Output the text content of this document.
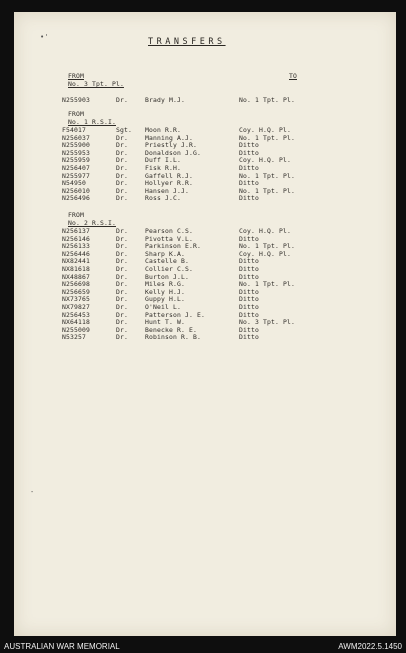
•'
-
TRANSFERS
FROM	TO
No. 3 Tpt. Pl.
N255903	Dr.	Brady M.J.	No. 1 Tpt. Pl.
FROM
No. 1 R.S.I.
F54017	Sgt. Moon R.R.	Coy. H.Q. Pl.
N256037	Dr.	Manning A.J.	No. 1 Tpt. Pl.
N255900	Dr.	Priestly J.R.	Ditto
N255953	Dr.	Donaldson J.G.	Ditto
N255959	Dr.	Duff I.L.	Coy. H.Q. Pl.
N256407	Dr.	Fisk R.H.	Ditto
N255977	Dr.	Gaffell R.J.	No. 1 Tpt. Pl.
N54950	Dr.	Hollyer R.R.	Ditto
N256010	Dr.	Hansen J.J.	No. 1 Tpt. Pl.
N256496	Dr.	Ross J.C.	Ditto
FROM
No. 2 R.S.I.
N256137	Dr.	Pearson C.S.	Coy. H.Q. Pl.
N256146	Dr.	Pivotta V.L.	Ditto
N256133	Dr.	Parkinson E.R.	No. 1 Tpt. Pl.
N256446	Dr.	Sharp K.A.	Coy. H.Q. Pl.
NX82441	Dr.	Castelle B.	Ditto
NX81618	Dr.	Collier C.S.	Ditto
NX48867	Dr.	Burton J.L.	Ditto
N256698	Dr.	Miles R.G.	No. 1 Tpt. Pl.
N256659	Dr.	Kelly H.J.	Ditto
NX73765	Dr.	Guppy H.L.	Ditto
NX79827	Dr.	O'Neil L.	Ditto
N256453	Dr.	Patterson J. E.	Ditto
NX64118	Dr.	Hunt T. W.	No. 3 Tpt. Pl.
N255009	Dr.	Benecke R. E.	Ditto
N53257	Dr.	Robinson R. B.	Ditto
AUSTRALIAN WAR MEMORIAL	AWM2022.5.1450
